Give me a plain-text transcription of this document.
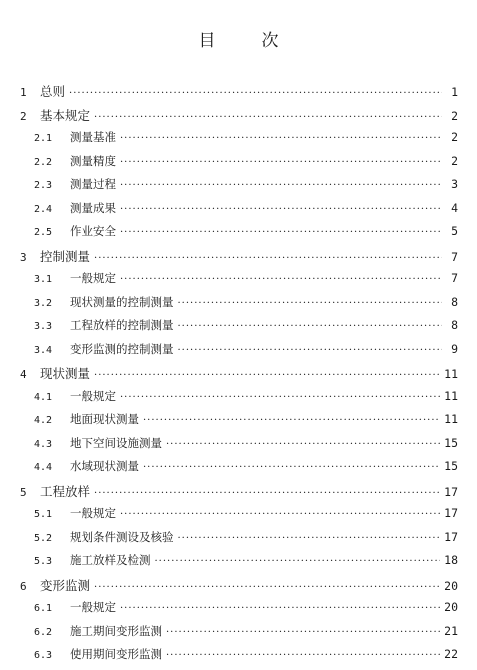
目	次
1	总则 ·····	1
2	基本规定 ·····	2
2.1	测量基准 ·····	2
2.2	测量精度 ·····	2
2.3	测量过程 ·····	3
2.4	测量成果 ·····	4
2.5	作业安全 ·····	5
3	控制测量 ·····	7
3.1	一般规定 ·····	7
3.2	现状测量的控制测量 ·····	8
3.3	工程放样的控制测量 ·····	8
3.4	变形监测的控制测量 ·····	9
4	现状测量 ·····	11
4.1	一般规定 ·····	11
4.2	地面现状测量 ·····	11
4.3	地下空间设施测量 ·····	15
4.4	水域现状测量 ·····	15
5	工程放样 ·····	17
5.1	一般规定 ·····	17
5.2	规划条件测设及核验 ·····	17
5.3	施工放样及检测 ·····	18
6	变形监测 ·····	20
6.1	一般规定 ·····	20
6.2	施工期间变形监测 ·····	21
6.3	使用期间变形监测 ·····	22
